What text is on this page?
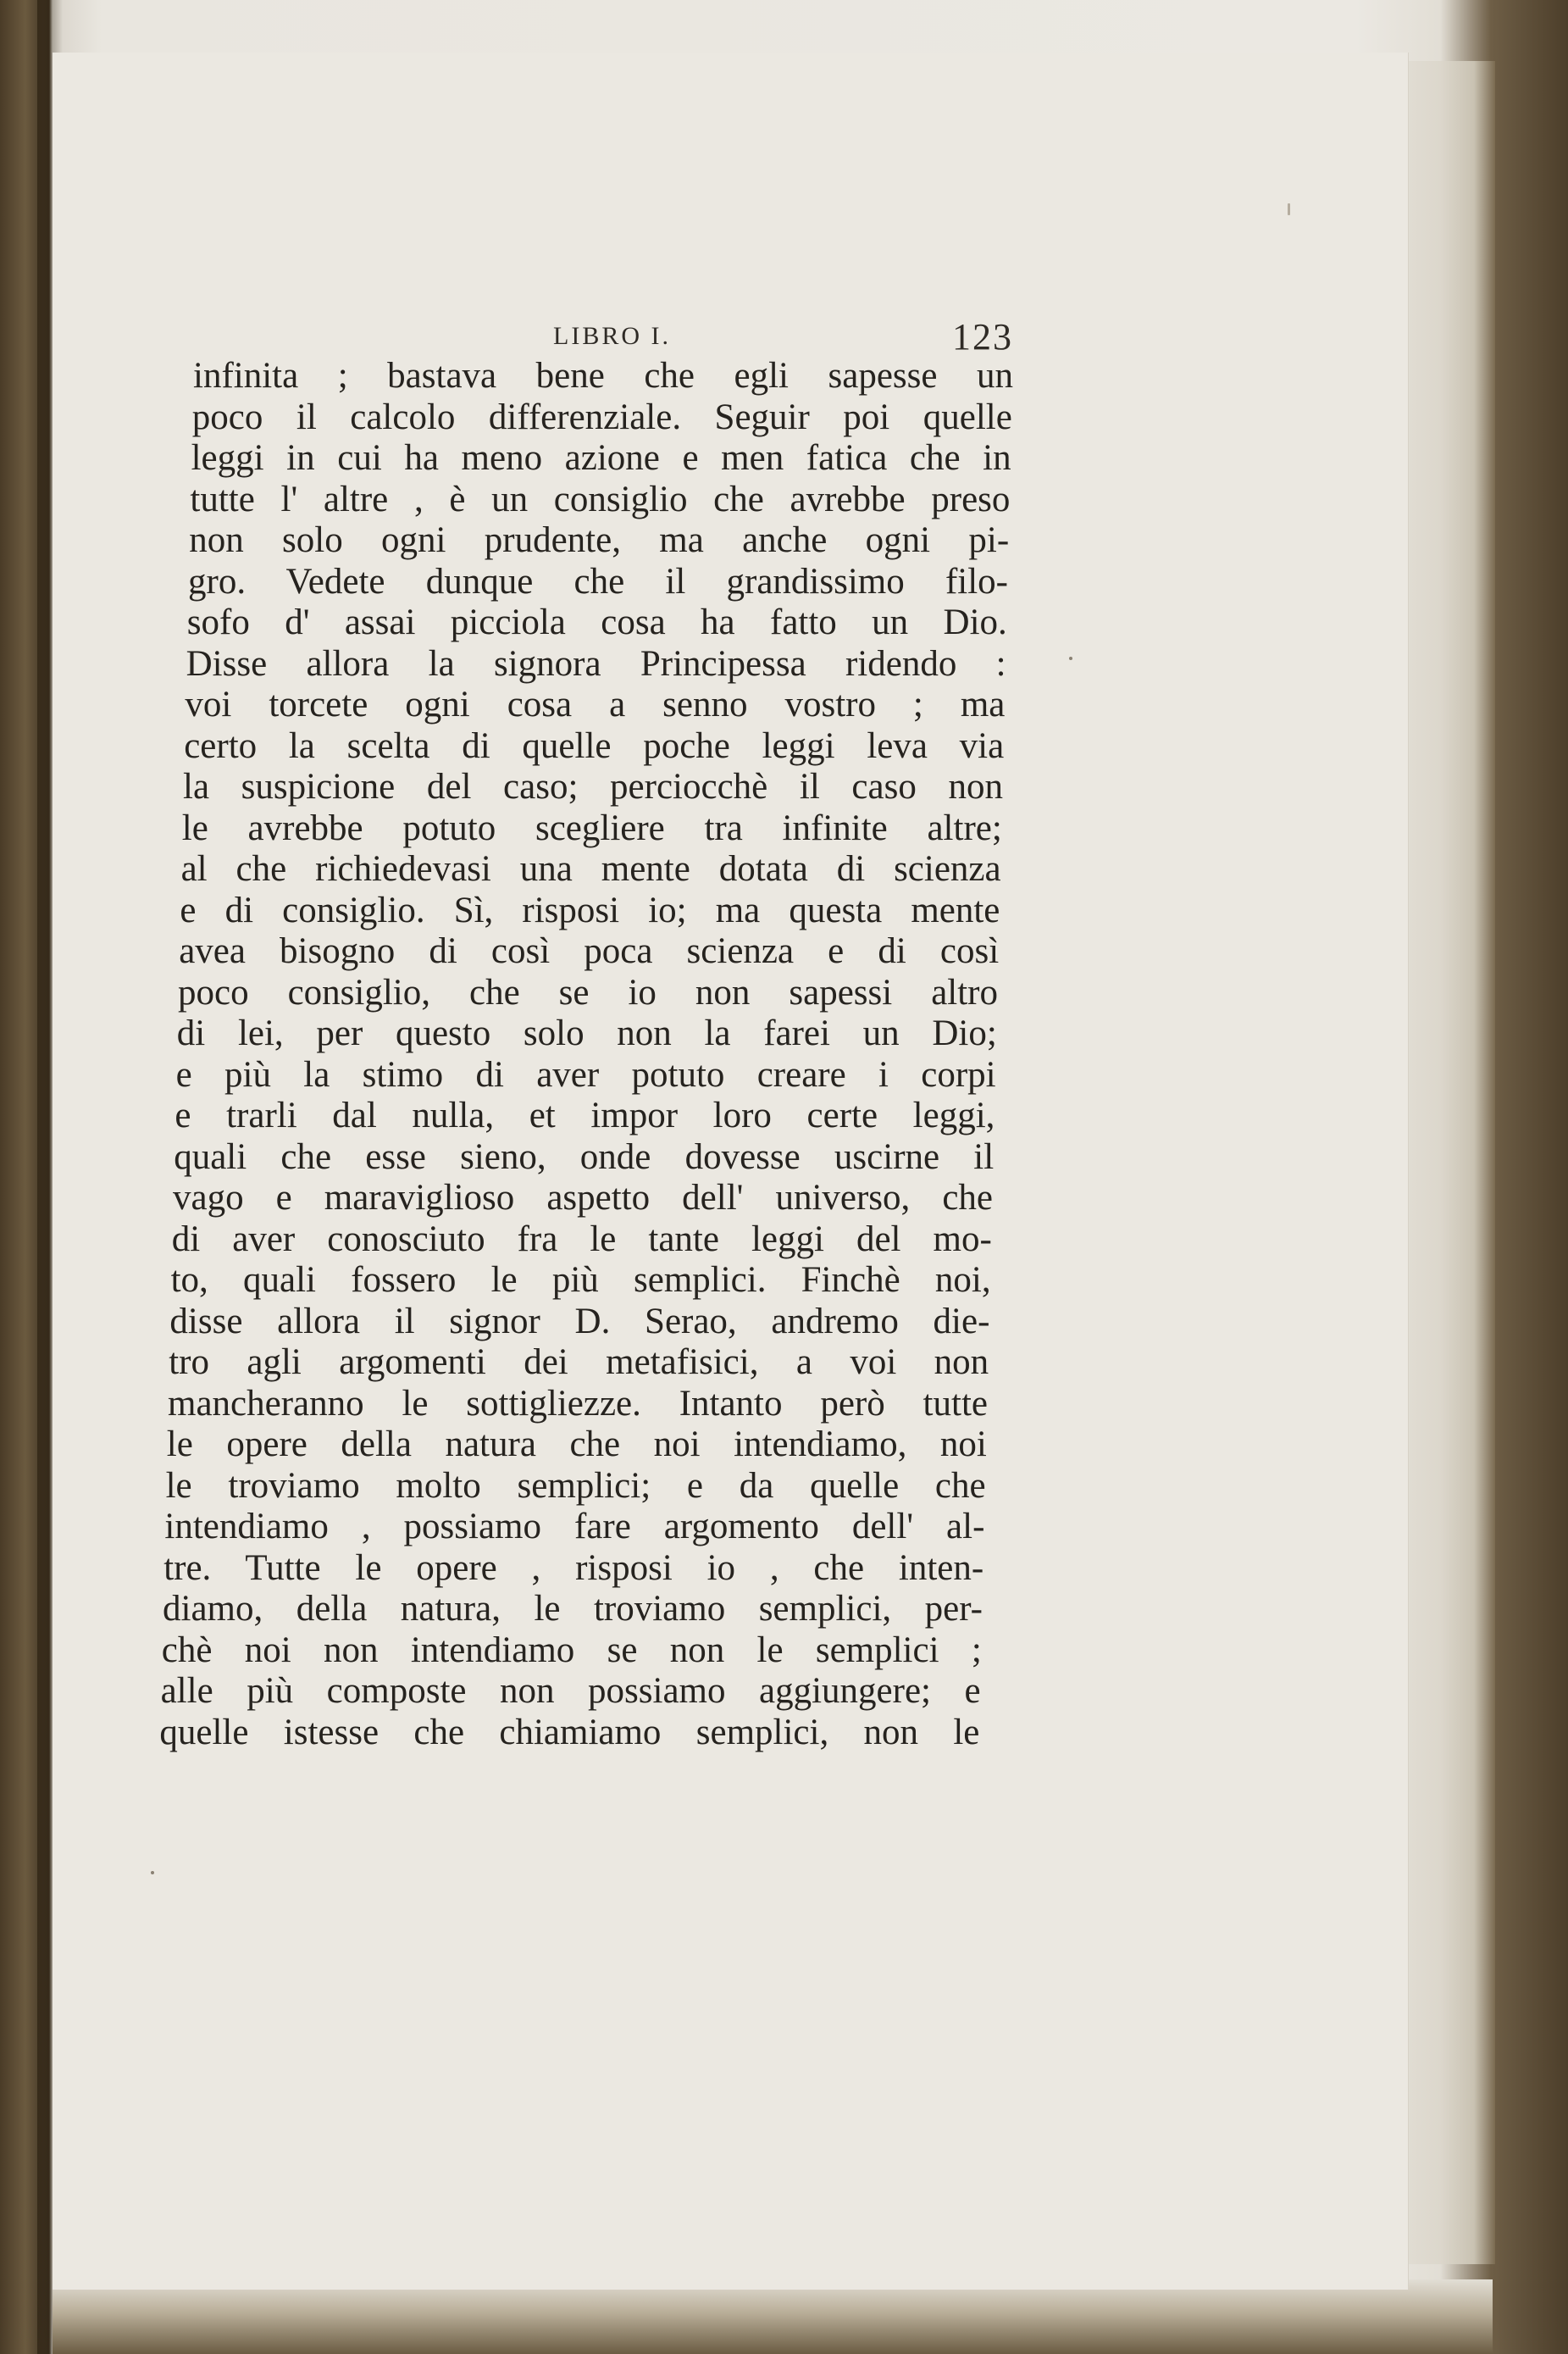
LIBRO I.	123
infinita ; bastava bene che egli sapesse un
poco il calcolo differenziale. Seguir poi quelle
leggi in cui ha meno azione e men fatica che in
tutte l' altre , è un consiglio che avrebbe preso
non solo ogni prudente, ma anche ogni pi-
gro. Vedete dunque che il grandissimo filo-
sofo d' assai picciola cosa ha fatto un Dio.
Disse allora la signora Principessa ridendo :
voi torcete ogni cosa a senno vostro ; ma
certo la scelta di quelle poche leggi leva via
la suspicione del caso; perciocchè il caso non
le avrebbe potuto scegliere tra infinite altre;
al che richiedevasi una mente dotata di scienza
e di consiglio. Sì, risposi io; ma questa mente
avea bisogno di così poca scienza e di così
poco consiglio, che se io non sapessi altro
di lei, per questo solo non la farei un Dio;
e più la stimo di aver potuto creare i corpi
e trarli dal nulla, et impor loro certe leggi,
quali che esse sieno, onde dovesse uscirne il
vago e maraviglioso aspetto dell' universo, che
di aver conosciuto fra le tante leggi del mo-
to, quali fossero le più semplici. Finchè noi,
disse allora il signor D. Serao, andremo die-
tro agli argomenti dei metafisici, a voi non
mancheranno le sottigliezze. Intanto però tutte
le opere della natura che noi intendiamo, noi
le troviamo molto semplici; e da quelle che
intendiamo , possiamo fare argomento dell' al-
tre. Tutte le opere , risposi io , che inten-
diamo, della natura, le troviamo semplici, per-
chè noi non intendiamo se non le semplici ;
alle più composte non possiamo aggiungere; e
quelle istesse che chiamiamo semplici, non le
